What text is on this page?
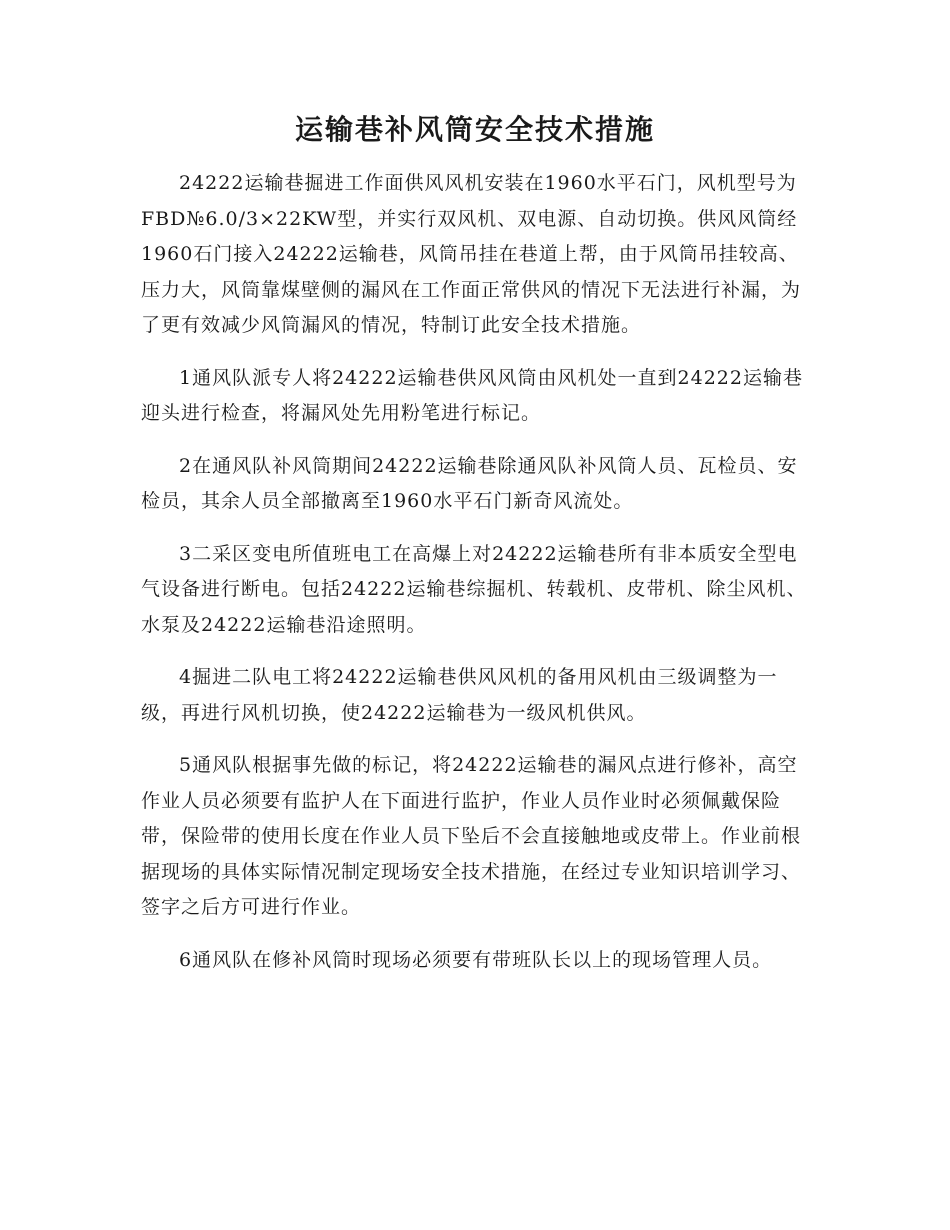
运输巷补风筒安全技术措施

24222运输巷掘进工作面供风风机安装在1960水平石门，风机型号为FBD№6.0/3×22KW型，并实行双风机、双电源、自动切换。供风风筒经1960石门接入24222运输巷，风筒吊挂在巷道上帮，由于风筒吊挂较高、压力大，风筒靠煤壁侧的漏风在工作面正常供风的情况下无法进行补漏，为了更有效减少风筒漏风的情况，特制订此安全技术措施。

1通风队派专人将24222运输巷供风风筒由风机处一直到24222运输巷迎头进行检查，将漏风处先用粉笔进行标记。

2在通风队补风筒期间24222运输巷除通风队补风筒人员、瓦检员、安检员，其余人员全部撤离至1960水平石门新奇风流处。

3二采区变电所值班电工在高爆上对24222运输巷所有非本质安全型电气设备进行断电。包括24222运输巷综掘机、转载机、皮带机、除尘风机、水泵及24222运输巷沿途照明。

4掘进二队电工将24222运输巷供风风机的备用风机由三级调整为一级，再进行风机切换，使24222运输巷为一级风机供风。

5通风队根据事先做的标记，将24222运输巷的漏风点进行修补，高空作业人员必须要有监护人在下面进行监护，作业人员作业时必须佩戴保险带，保险带的使用长度在作业人员下坠后不会直接触地或皮带上。作业前根据现场的具体实际情况制定现场安全技术措施，在经过专业知识培训学习、签字之后方可进行作业。

6通风队在修补风筒时现场必须要有带班队长以上的现场管理人员。
